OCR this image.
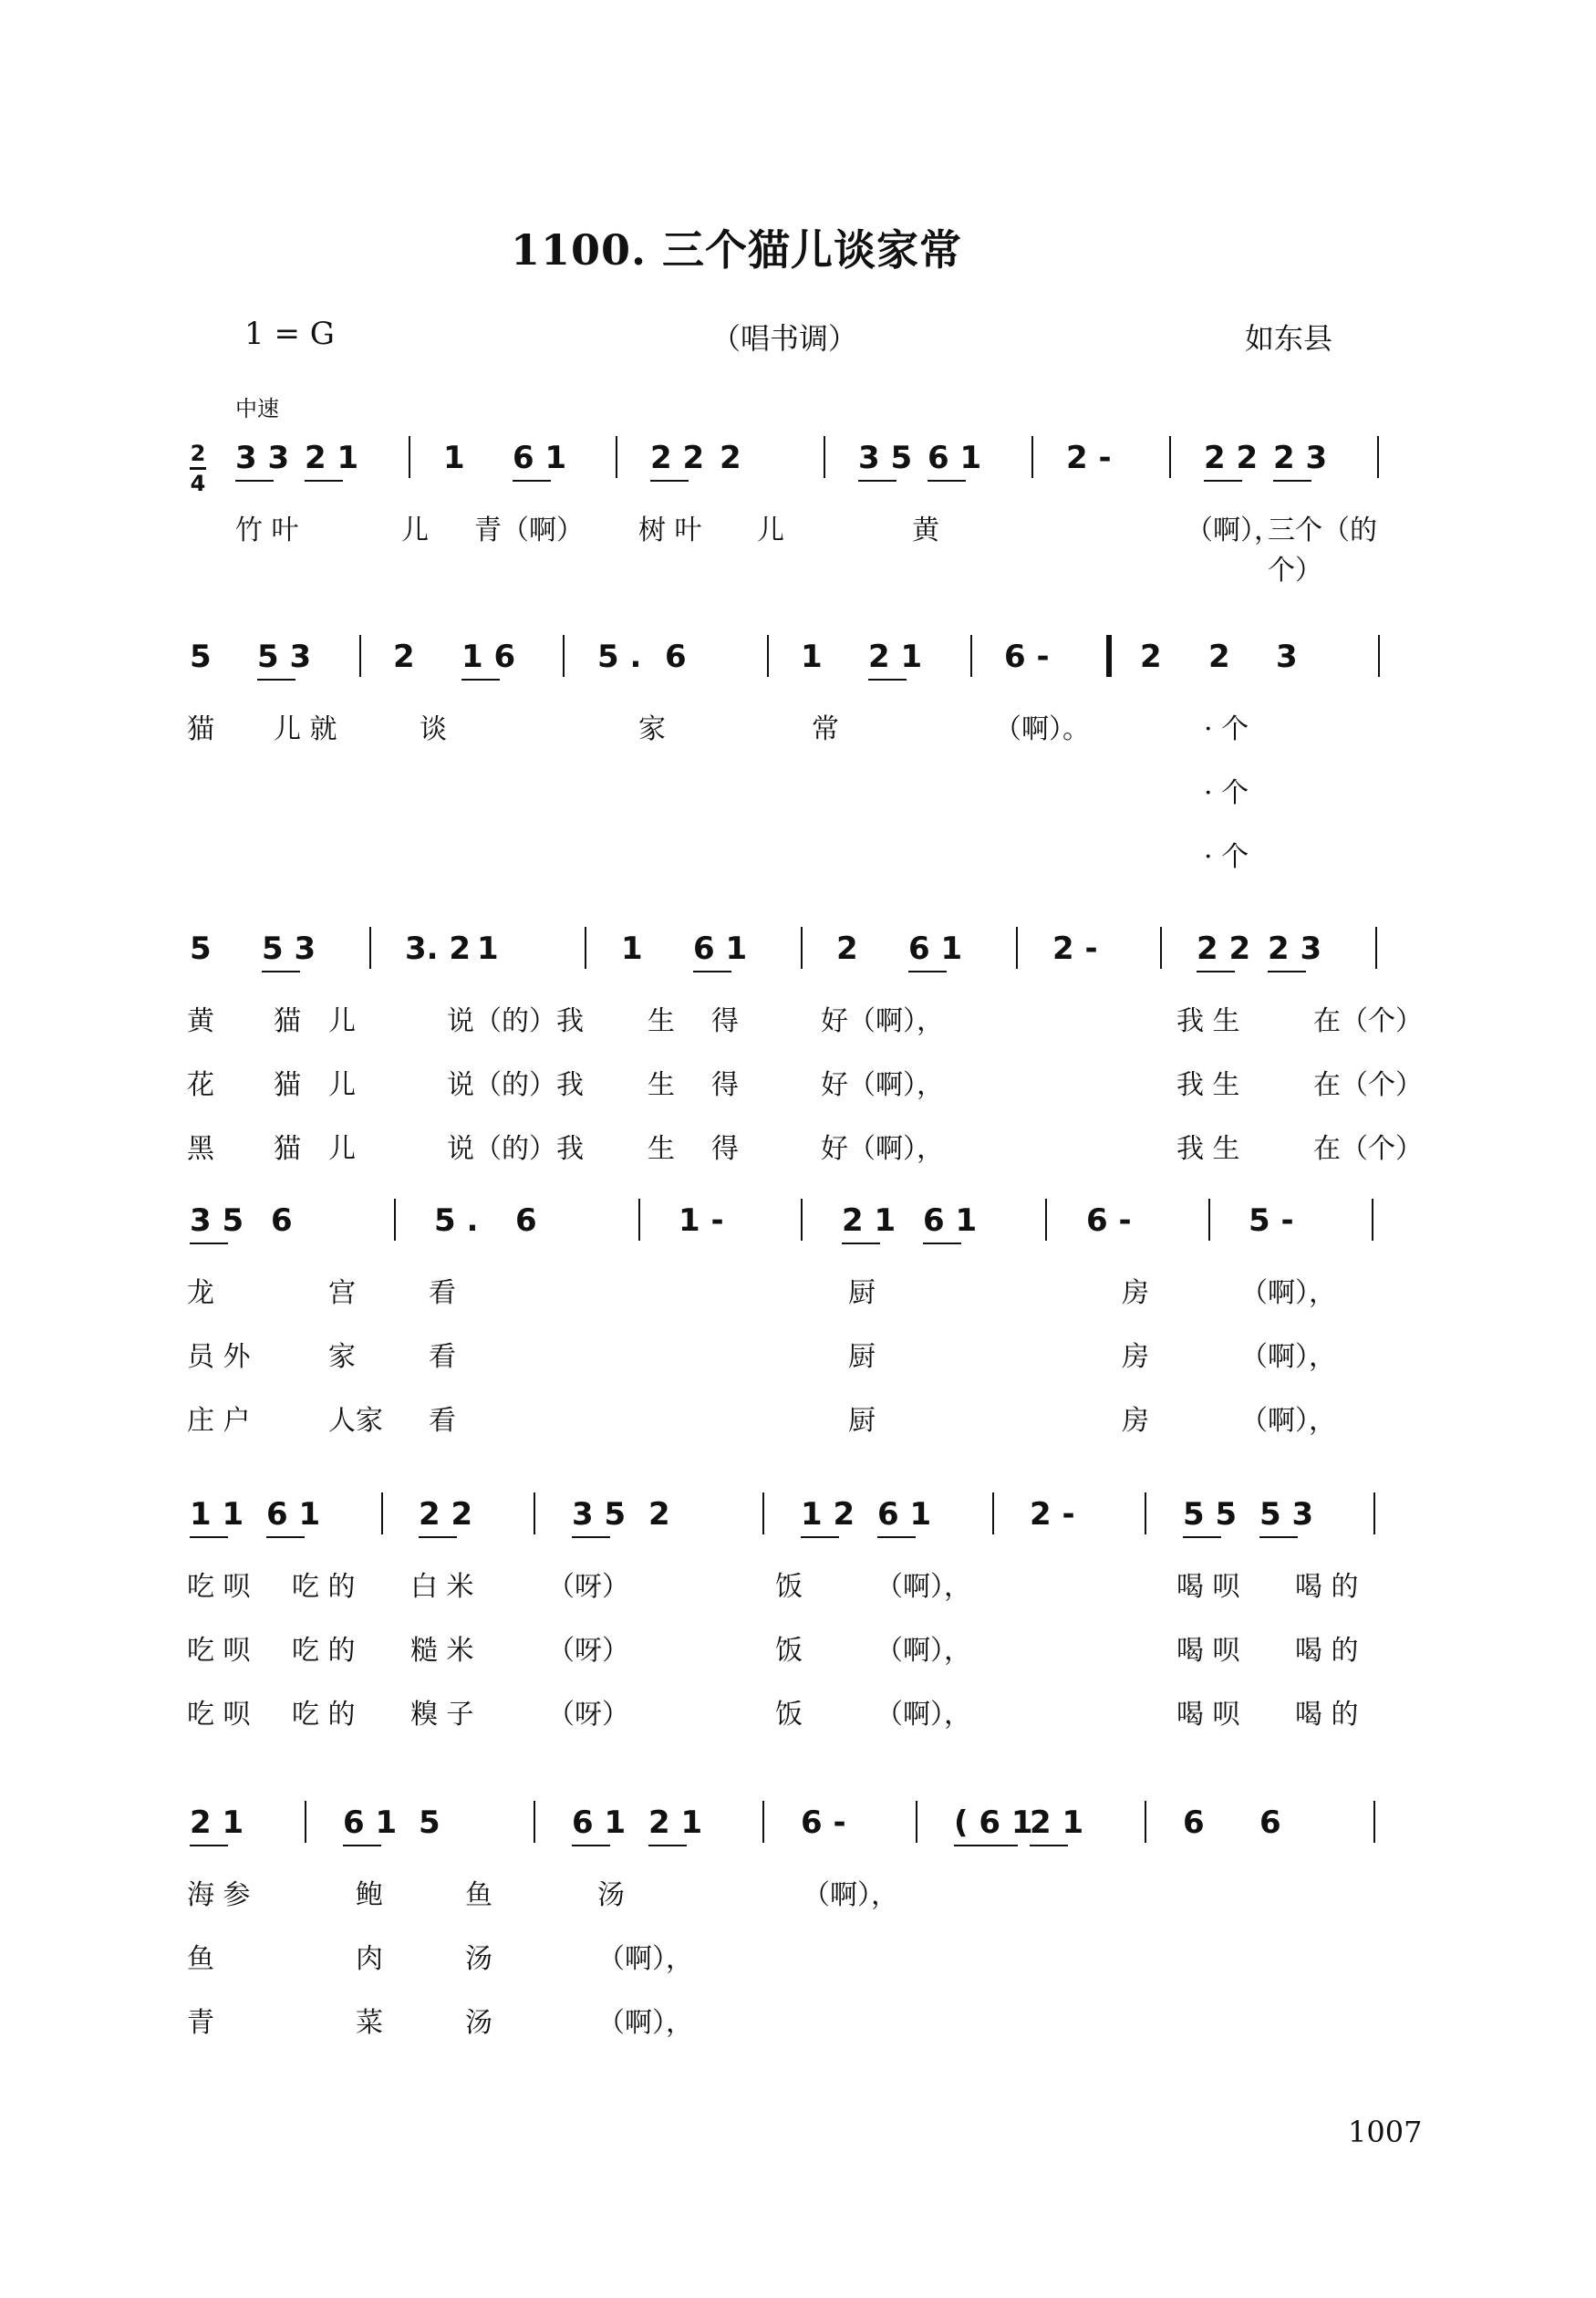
1100. 三个猫儿谈家常
1 = G	（唱书调）	如东县
中速
2
4
3 3 2 1	1 6 1	2 2 2	3 5 6 1	2 -	2 2 2 3
竹 叶	儿 青（啊） 树 叶 儿	黄	（啊），
三个（的 个）
5 5 3	2 1 6	5 . 6	1 2 1	6 -	2 2 3
猫 儿 就	谈	家	常	（啊）。	· 个
· 个
· 个
5 5 3	3. 2 1	1 6 1	2 6 1	2 -	2 2 2 3
黄 猫 儿	说（的）我 生 得	好（啊），	我 生	在（个）
花 猫 儿	说（的）我 生 得	好（啊），	我 生	在（个）
黑 猫 儿	说（的）我 生 得	好（啊），	我 生	在（个）
3 5 6	5 . 6	1 -	2 1 6 1	6 -	5 -
龙	宫	看	厨	房	（啊），
员 外	家	看	厨	房	（啊），
庄 户	人家 看	厨	房	（啊），
1 1 6 1	2 2	3 5 2	1 2 6 1	2 -	5 5 5 3
吃 呗 吃 的 白 米	（呀）	饭	（啊），	喝 呗 喝 的
吃 呗 吃 的 糙 米	（呀）	饭	（啊），	喝 呗 喝 的
吃 呗 吃 的 糗 子	（呀）	饭	（啊），	喝 呗 喝 的
2 1	6 1 5	6 1 2 1	6 -	( 6 1
2 1	6 6
海 参	鲍	鱼	汤	（啊），
鱼	肉	汤	（啊），
青	菜	汤	（啊），
1007
